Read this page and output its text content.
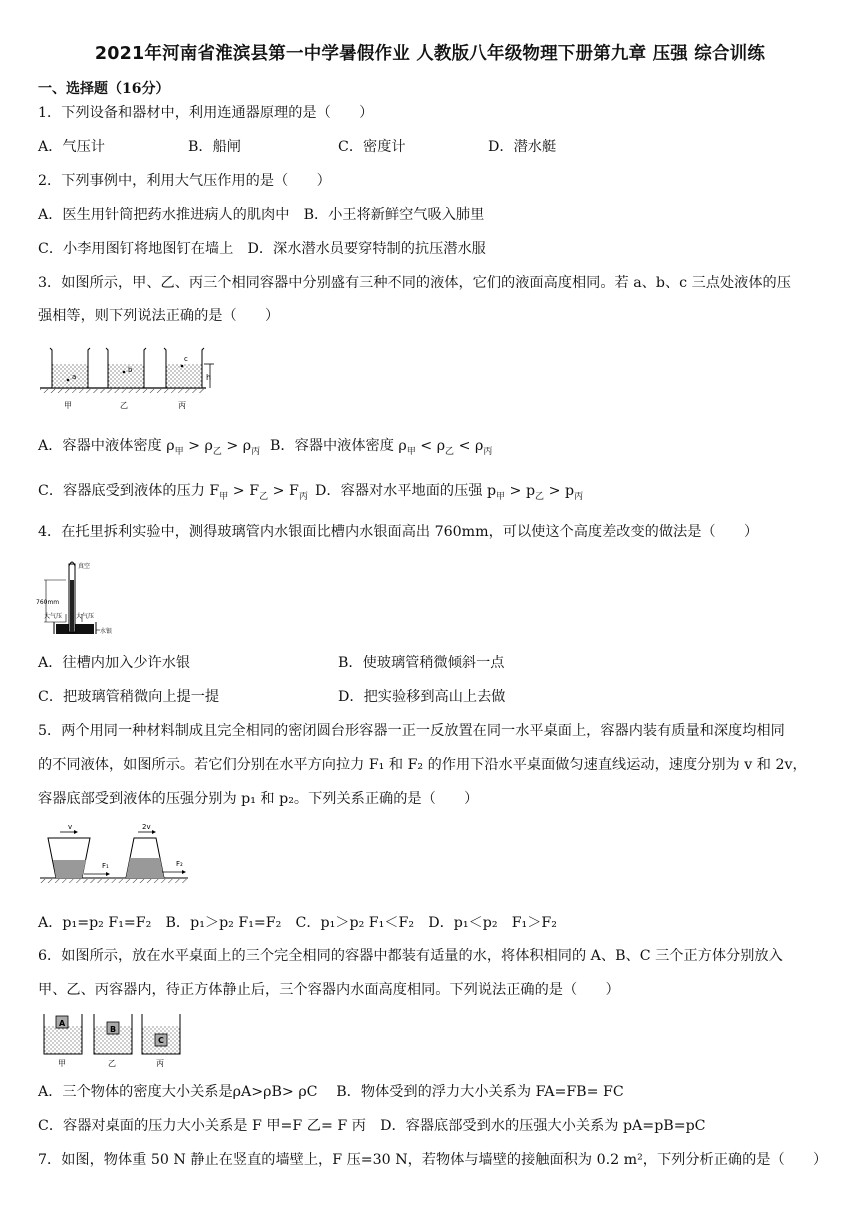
2021年河南省淮滨县第一中学暑假作业 人教版八年级物理下册第九章 压强 综合训练
一、选择题（16分）
1．下列设备和器材中，利用连通器原理的是（　　）
A．气压计	B．船闸	C．密度计	D．潜水艇
2．下列事例中，利用大气压作用的是（　　）
A．医生用针筒把药水推进病人的肌肉中　B．小王将新鲜空气吸入肺里
C．小李用图钉将地图钉在墙上　D．深水潜水员要穿特制的抗压潜水服
3．如图所示，甲、乙、丙三个相同容器中分别盛有三种不同的液体，它们的液面高度相同。若 a、b、c 三点处液体的压
强相等，则下列说法正确的是（　　）
a
b
c
h
甲	乙	丙
A．容器中液体密度 $\rho_甲 > \rho_乙 > \rho_丙$ B．容器中液体密度 $\rho_甲 < \rho_乙 < \rho_丙$
C．容器底受到液体的压力 $F_甲 > F_乙 > F_丙$ D．容器对水平地面的压强 $p_甲 > p_乙 > p_丙$
4．在托里拆利实验中，测得玻璃管内水银面比槽内水银面高出 760mm，可以使这个高度差改变的做法是（　　）
760mm
真空
大气压 大气压
水银
A．往槽内加入少许水银	B．使玻璃管稍微倾斜一点
C．把玻璃管稍微向上提一提	D．把实验移到高山上去做
5．两个用同一种材料制成且完全相同的密闭圆台形容器一正一反放置在同一水平桌面上，容器内装有质量和深度均相同
的不同液体，如图所示。若它们分别在水平方向拉力 F₁ 和 F₂ 的作用下沿水平桌面做匀速直线运动，速度分别为 v 和 2v，
容器底部受到液体的压强分别为 p₁ 和 p₂。下列关系正确的是（　　）
v
F₁
2v
F₂
A．p₁=p₂ F₁=F₂　B．p₁＞p₂ F₁=F₂　C．p₁＞p₂ F₁＜F₂　D．p₁＜p₂　F₁＞F₂
6．如图所示，放在水平桌面上的三个完全相同的容器中都装有适量的水，将体积相同的 A、B、C 三个正方体分别放入
甲、乙、丙容器内，待正方体静止后，三个容器内水面高度相同。下列说法正确的是（　　）
A
B
C
甲	乙	丙
A．三个物体的密度大小关系是ρA>ρB> ρC　 B．物体受到的浮力大小关系为 FA=FB= FC
C．容器对桌面的压力大小关系是 F 甲=F 乙= F 丙　D．容器底部受到水的压强大小关系为 pA=pB=pC
7．如图，物体重 50 N 静止在竖直的墙壁上，F 压=30 N，若物体与墙壁的接触面积为 0.2 m²，下列分析正确的是（　　）
